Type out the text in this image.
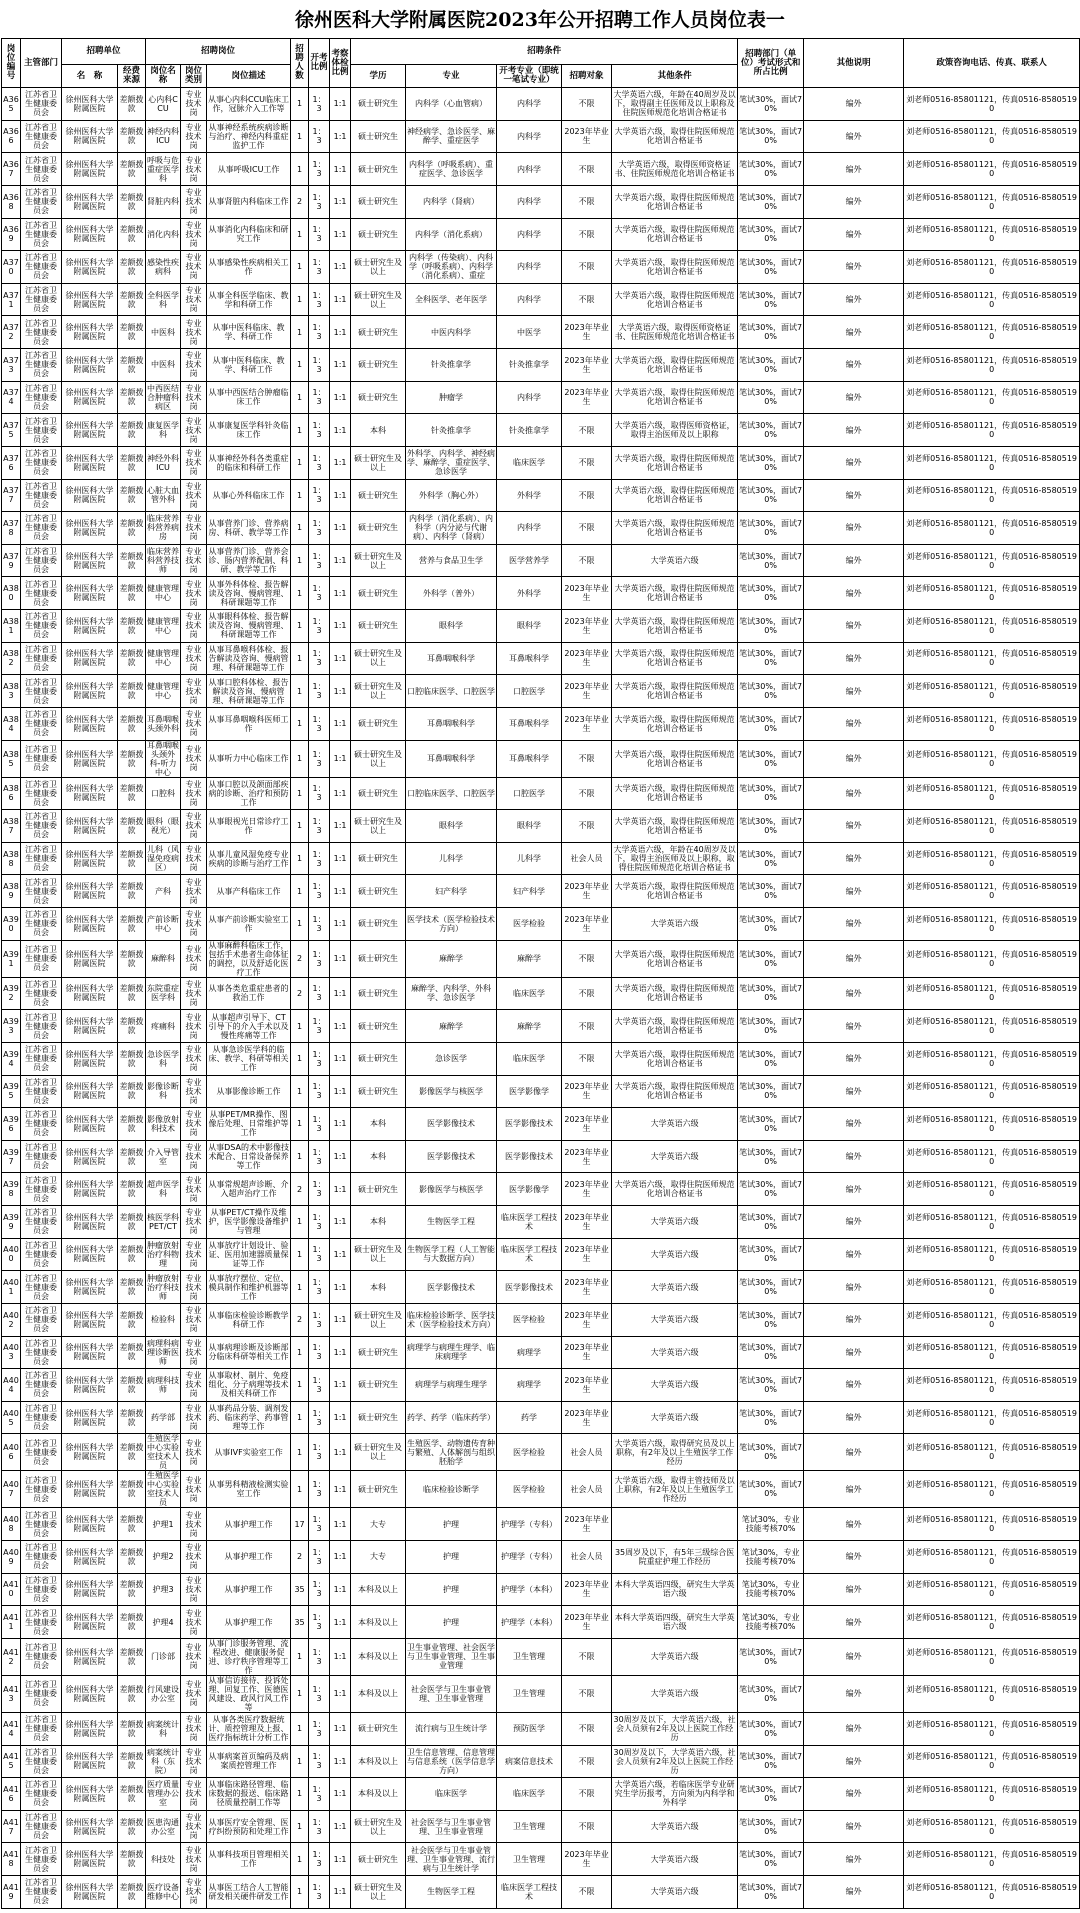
徐州医科大学附属医院2023年公开招聘工作人员岗位表一
岗位编号	主管部门	招聘单位		招聘岗位			招聘人数	开考比例	考察体检比例	招聘条件					招聘部门（单位）考试形式和所占比例	其他说明	政策咨询电话、传真、联系人
		名　称	经费来源	岗位名称	岗位类别	岗位描述				学历	专业	开考专业（即统一笔试专业）	招聘对象	其他条件			

A365	江苏省卫生健康委员会	徐州医科大学附属医院	差额拨款	心内科CCU	专业技术岗	从事心内科CCU临床工作，冠脉介入工作等	1	1：3	1:1	硕士研究生	内科学（心血管病）	内科学	不限	大学英语六级，年龄在40周岁及以下，取得副主任医师及以上职称及住院医师规范化培训合格证书	笔试30%，面试70%	编外	刘老师0516-85801121，传真0516-85805190
A366	江苏省卫生健康委员会	徐州医科大学附属医院	差额拨款	神经内科ICU	专业技术岗	从事神经系统疾病诊断与治疗、神经内科重症监护工作	1	1：3	1:1	硕士研究生	神经病学、急诊医学、麻醉学、重症医学	内科学	2023年毕业生	大学英语六级，取得住院医师规范化培训合格证书	笔试30%，面试70%	编外	刘老师0516-85801121，传真0516-85805190
A367	江苏省卫生健康委员会	徐州医科大学附属医院	差额拨款	呼吸与危重症医学科	专业技术岗	从事呼吸ICU工作	1	1：3	1:1	硕士研究生	内科学（呼吸系病）、重症医学、急诊医学	内科学	不限	大学英语六级，取得医师资格证书、住院医师规范化培训合格证书	笔试30%，面试70%	编外	刘老师0516-85801121，传真0516-85805190
A368	江苏省卫生健康委员会	徐州医科大学附属医院	差额拨款	肾脏内科	专业技术岗	从事肾脏内科临床工作	2	1：3	1:1	硕士研究生	内科学（肾病）	内科学	不限	大学英语六级，取得住院医师规范化培训合格证书	笔试30%，面试70%	编外	刘老师0516-85801121，传真0516-85805190
A369	江苏省卫生健康委员会	徐州医科大学附属医院	差额拨款	消化内科	专业技术岗	从事消化内科临床和研究工作	1	1：3	1:1	硕士研究生	内科学（消化系病）	内科学	不限	大学英语六级，取得住院医师规范化培训合格证书	笔试30%，面试70%	编外	刘老师0516-85801121，传真0516-85805190
A370	江苏省卫生健康委员会	徐州医科大学附属医院	差额拨款	感染性疾病科	专业技术岗	从事感染性疾病相关工作	1	1：3	1:1	硕士研究生及以上	内科学（传染病）、内科学（呼吸系病）、内科学（消化系病）、重症	内科学	不限	大学英语六级，取得住院医师规范化培训合格证书	笔试30%，面试70%	编外	刘老师0516-85801121，传真0516-85805190
A371	江苏省卫生健康委员会	徐州医科大学附属医院	差额拨款	全科医学科	专业技术岗	从事全科医学临床、教学和科研工作	1	1：3	1:1	硕士研究生及以上	全科医学、老年医学	内科学	不限	大学英语六级，取得住院医师规范化培训合格证书	笔试30%，面试70%	编外	刘老师0516-85801121，传真0516-85805190
A372	江苏省卫生健康委员会	徐州医科大学附属医院	差额拨款	中医科	专业技术岗	从事中医科临床、教学、科研工作	1	1：3	1:1	硕士研究生	中医内科学	中医学	2023年毕业生	大学英语六级，取得医师资格证书、住院医师规范化培训合格证书	笔试30%，面试70%	编外	刘老师0516-85801121，传真0516-85805190
A373	江苏省卫生健康委员会	徐州医科大学附属医院	差额拨款	中医科	专业技术岗	从事中医科临床、教学、科研工作	1	1：3	1:1	硕士研究生	针灸推拿学	针灸推拿学	2023年毕业生	大学英语六级，取得住院医师规范化培训合格证书	笔试30%，面试70%	编外	刘老师0516-85801121，传真0516-85805190
A374	江苏省卫生健康委员会	徐州医科大学附属医院	差额拨款	中西医结合肿瘤科病区	专业技术岗	从事中西医结合肿瘤临床工作	1	1：3	1:1	硕士研究生	肿瘤学	内科学	2023年毕业生	大学英语六级，取得住院医师规范化培训合格证书	笔试30%，面试70%	编外	刘老师0516-85801121，传真0516-85805190
A375	江苏省卫生健康委员会	徐州医科大学附属医院	差额拨款	康复医学科	专业技术岗	从事康复医学科针灸临床工作	1	1：3	1:1	本科	针灸推拿学	针灸推拿学	不限	大学英语六级，取得医师资格证，取得主治医师及以上职称	笔试30%，面试70%	编外	刘老师0516-85801121，传真0516-85805190
A376	江苏省卫生健康委员会	徐州医科大学附属医院	差额拨款	神经外科ICU	专业技术岗	从事神经外科各类重症的临床和科研工作	1	1：3	1:1	硕士研究生及以上	外科学、内科学、神经病学、麻醉学、重症医学、急诊医学	临床医学	不限	大学英语六级，取得住院医师规范化培训合格证书	笔试30%，面试70%	编外	刘老师0516-85801121，传真0516-85805190
A377	江苏省卫生健康委员会	徐州医科大学附属医院	差额拨款	心脏大血管外科	专业技术岗	从事心外科临床工作	1	1：3	1:1	硕士研究生	外科学（胸心外）	外科学	不限	大学英语六级，取得住院医师规范化培训合格证书	笔试30%，面试70%	编外	刘老师0516-85801121，传真0516-85805190
A378	江苏省卫生健康委员会	徐州医科大学附属医院	差额拨款	临床营养科营养病房	专业技术岗	从事营养门诊、营养病房、科研、教学等工作	1	1：3	1:1	硕士研究生	内科学（消化系病）、内科学（内分泌与代谢病）、内科学（肾病）	内科学	不限	大学英语六级，取得住院医师规范化培训合格证书	笔试30%，面试70%	编外	刘老师0516-85801121，传真0516-85805190
A379	江苏省卫生健康委员会	徐州医科大学附属医院	差额拨款	临床营养科营养技师	专业技术岗	从事营养门诊、营养会诊、肠内营养配制、科研、教学等工作	1	1：3	1:1	硕士研究生及以上	营养与食品卫生学	医学营养学	不限	大学英语六级	笔试30%，面试70%	编外	刘老师0516-85801121，传真0516-85805190
A380	江苏省卫生健康委员会	徐州医科大学附属医院	差额拨款	健康管理中心	专业技术岗	从事外科体检、报告解读及咨询、慢病管理、科研课题等工作	1	1：3	1:1	硕士研究生	外科学（普外）	外科学	2023年毕业生	大学英语六级，取得住院医师规范化培训合格证书	笔试30%，面试70%	编外	刘老师0516-85801121，传真0516-85805190
A381	江苏省卫生健康委员会	徐州医科大学附属医院	差额拨款	健康管理中心	专业技术岗	从事眼科体检、报告解读及咨询、慢病管理、科研课题等工作	1	1：3	1:1	硕士研究生	眼科学	眼科学	2023年毕业生	大学英语六级，取得住院医师规范化培训合格证书	笔试30%，面试70%	编外	刘老师0516-85801121，传真0516-85805190
A382	江苏省卫生健康委员会	徐州医科大学附属医院	差额拨款	健康管理中心	专业技术岗	从事耳鼻喉科体检、报告解读及咨询、慢病管理、科研课题等工作	1	1：3	1:1	硕士研究生及以上	耳鼻咽喉科学	耳鼻喉科学	2023年毕业生	大学英语六级，取得住院医师规范化培训合格证书	笔试30%，面试70%	编外	刘老师0516-85801121，传真0516-85805190
A383	江苏省卫生健康委员会	徐州医科大学附属医院	差额拨款	健康管理中心	专业技术岗	从事口腔科体检、报告解读及咨询、慢病管理、科研课题等工作	1	1：3	1:1	硕士研究生及以上	口腔临床医学、口腔医学	口腔医学	2023年毕业生	大学英语六级，取得住院医师规范化培训合格证书	笔试30%，面试70%	编外	刘老师0516-85801121，传真0516-85805190
A384	江苏省卫生健康委员会	徐州医科大学附属医院	差额拨款	耳鼻咽喉头颈外科	专业技术岗	从事耳鼻咽喉科医师工作	1	1：3	1:1	硕士研究生	耳鼻咽喉科学	耳鼻喉科学	2023年毕业生	大学英语六级，取得住院医师规范化培训合格证书	笔试30%，面试70%	编外	刘老师0516-85801121，传真0516-85805190
A385	江苏省卫生健康委员会	徐州医科大学附属医院	差额拨款	耳鼻咽喉头颈外科-听力中心	专业技术岗	从事听力中心临床工作	1	1：3	1:1	硕士研究生及以上	耳鼻咽喉科学	耳鼻喉科学	不限	大学英语六级，取得住院医师规范化培训合格证书	笔试30%，面试70%	编外	刘老师0516-85801121，传真0516-85805190
A386	江苏省卫生健康委员会	徐州医科大学附属医院	差额拨款	口腔科	专业技术岗	从事口腔以及颌面部疾病的诊断、治疗和预防工作	1	1：3	1:1	硕士研究生	口腔临床医学、口腔医学	口腔医学	不限	大学英语六级，取得住院医师规范化培训合格证书	笔试30%，面试70%	编外	刘老师0516-85801121，传真0516-85805190
A387	江苏省卫生健康委员会	徐州医科大学附属医院	差额拨款	眼科（眼视光）	专业技术岗	从事眼视光日常诊疗工作	1	1：3	1:1	硕士研究生及以上	眼科学	眼科学	不限	大学英语六级，取得住院医师规范化培训合格证书	笔试30%，面试70%	编外	刘老师0516-85801121，传真0516-85805190
A388	江苏省卫生健康委员会	徐州医科大学附属医院	差额拨款	儿科（风湿免疫病区）	专业技术岗	从事儿童风湿免疫专业疾病的诊断与治疗工作	1	1：3	1:1	硕士研究生	儿科学	儿科学	社会人员	大学英语六级，年龄在40周岁及以下，取得主治医师及以上职称，取得住院医师规范化培训合格证书	笔试30%，面试70%	编外	刘老师0516-85801121，传真0516-85805190
A389	江苏省卫生健康委员会	徐州医科大学附属医院	差额拨款	产科	专业技术岗	从事产科临床工作	1	1：3	1:1	硕士研究生	妇产科学	妇产科学	2023年毕业生	大学英语六级，取得住院医师规范化培训合格证书	笔试30%，面试70%	编外	刘老师0516-85801121，传真0516-85805190
A390	江苏省卫生健康委员会	徐州医科大学附属医院	差额拨款	产前诊断中心	专业技术岗	从事产前诊断实验室工作	1	1：3	1:1	硕士研究生	医学技术（医学检验技术方向）	医学检验	2023年毕业生	大学英语六级	笔试30%，面试70%	编外	刘老师0516-85801121，传真0516-85805190
A391	江苏省卫生健康委员会	徐州医科大学附属医院	差额拨款	麻醉科	专业技术岗	从事麻醉科临床工作，包括手术患者生命体征的调控，以及舒适化医疗工作	2	1：3	1:1	硕士研究生	麻醉学	麻醉学	不限	大学英语六级，取得住院医师规范化培训合格证书	笔试30%，面试70%	编外	刘老师0516-85801121，传真0516-85805190
A392	江苏省卫生健康委员会	徐州医科大学附属医院	差额拨款	东院重症医学科	专业技术岗	从事各类危重症患者的救治工作	2	1：3	1:1	硕士研究生	麻醉学、内科学、外科学、急诊医学	临床医学	不限	大学英语六级，取得住院医师规范化培训合格证书	笔试30%，面试70%	编外	刘老师0516-85801121，传真0516-85805190
A393	江苏省卫生健康委员会	徐州医科大学附属医院	差额拨款	疼痛科	专业技术岗	从事超声引导下、CT引导下的介入手术以及慢性疼痛等工作	1	1：3	1:1	硕士研究生	麻醉学	麻醉学	不限	大学英语六级，取得住院医师规范化培训合格证书	笔试30%，面试70%	编外	刘老师0516-85801121，传真0516-85805190
A394	江苏省卫生健康委员会	徐州医科大学附属医院	差额拨款	急诊医学科	专业技术岗	从事急诊医学科的临床、教学、科研等相关工作	1	1：3	1:1	硕士研究生	急诊医学	临床医学	不限	大学英语六级，取得住院医师规范化培训合格证书	笔试30%，面试70%	编外	刘老师0516-85801121，传真0516-85805190
A395	江苏省卫生健康委员会	徐州医科大学附属医院	差额拨款	影像诊断科	专业技术岗	从事影像诊断工作	1	1：3	1:1	硕士研究生	影像医学与核医学	医学影像学	2023年毕业生	大学英语六级，取得住院医师规范化培训合格证书	笔试30%，面试70%	编外	刘老师0516-85801121，传真0516-85805190
A396	江苏省卫生健康委员会	徐州医科大学附属医院	差额拨款	影像放射科技术	专业技术岗	从事PET/MR操作、图像后处理、日常维护等工作	1	1：3	1:1	本科	医学影像技术	医学影像技术	2023年毕业生	大学英语六级	笔试30%，面试70%	编外	刘老师0516-85801121，传真0516-85805190
A397	江苏省卫生健康委员会	徐州医科大学附属医院	差额拨款	介入导管室	专业技术岗	从事DSA的术中影像技术配合、日常设备保养等工作	1	1：3	1:1	本科	医学影像技术	医学影像技术	2023年毕业生	大学英语六级	笔试30%，面试70%	编外	刘老师0516-85801121，传真0516-85805190
A398	江苏省卫生健康委员会	徐州医科大学附属医院	差额拨款	超声医学科	专业技术岗	从事常规超声诊断、介入超声治疗工作	2	1：3	1:1	硕士研究生	影像医学与核医学	医学影像学	2023年毕业生	大学英语六级，取得住院医师规范化培训合格证书	笔试30%，面试70%	编外	刘老师0516-85801121，传真0516-85805190
A399	江苏省卫生健康委员会	徐州医科大学附属医院	差额拨款	核医学科PET/CT	专业技术岗	从事PET/CT操作及维护，医学影像设备维护与管理	1	1：3	1:1	本科	生物医学工程	临床医学工程技术	2023年毕业生	大学英语六级	笔试30%，面试70%	编外	刘老师0516-85801121，传真0516-85805190
A400	江苏省卫生健康委员会	徐州医科大学附属医院	差额拨款	肿瘤放射治疗科物理	专业技术岗	从事放疗计划设计、验证、医用加速器质量保证等工作	1	1：3	1:1	硕士研究生及以上	生物医学工程（人工智能与大数据方向）	临床医学工程技术	2023年毕业生	大学英语六级	笔试30%，面试70%	编外	刘老师0516-85801121，传真0516-85805190
A401	江苏省卫生健康委员会	徐州医科大学附属医院	差额拨款	肿瘤放射治疗科技师	专业技术岗	从事放疗摆位、定位、模具制作和维护机器等工作	1	1：3	1:1	本科	医学影像技术	医学影像技术	2023年毕业生	大学英语六级	笔试30%，面试70%	编外	刘老师0516-85801121，传真0516-85805190
A402	江苏省卫生健康委员会	徐州医科大学附属医院	差额拨款	检验科	专业技术岗	从事临床检验诊断教学科研工作	2	1：3	1:1	硕士研究生及以上	临床检验诊断学、医学技术（医学检验技术方向）	医学检验	2023年毕业生	大学英语六级	笔试30%，面试70%	编外	刘老师0516-85801121，传真0516-85805190
A403	江苏省卫生健康委员会	徐州医科大学附属医院	差额拨款	病理科病理诊断医师	专业技术岗	从事病理诊断及诊断部分临床科研等相关工作	1	1：3	1:1	硕士研究生	病理学与病理生理学、临床病理学	病理学	2023年毕业生	大学英语六级	笔试30%，面试70%	编外	刘老师0516-85801121，传真0516-85805190
A404	江苏省卫生健康委员会	徐州医科大学附属医院	差额拨款	病理科技师	专业技术岗	从事取材、制片、免疫组化、分子病理等技术及相关科研工作	1	1：3	1:1	硕士研究生	病理学与病理生理学	病理学	2023年毕业生	大学英语六级	笔试30%，面试70%	编外	刘老师0516-85801121，传真0516-85805190
A405	江苏省卫生健康委员会	徐州医科大学附属医院	差额拨款	药学部	专业技术岗	从事药品分装、调剂发药、临床药学、药事管理等工作	1	1：3	1:1	硕士研究生	药学、药学（临床药学）	药学	2023年毕业生	大学英语六级	笔试30%，面试70%	编外	刘老师0516-85801121，传真0516-85805190
A406	江苏省卫生健康委员会	徐州医科大学附属医院	差额拨款	生殖医学中心实验室技术人员	专业技术岗	从事IVF实验室工作	1	1：3	1:1	硕士研究生及以上	生殖医学、动物遗传育种与繁殖、人体解剖与组织胚胎学	医学检验	社会人员	大学英语六级，取得研究员及以上职称，有2年及以上生殖医学工作经历	笔试30%，面试70%	编外	刘老师0516-85801121，传真0516-85805190
A407	江苏省卫生健康委员会	徐州医科大学附属医院	差额拨款	生殖医学中心实验室技术人员	专业技术岗	从事男科精液检测实验室工作	1	1：3	1:1	硕士研究生	临床检验诊断学	医学检验	社会人员	大学英语六级，取得主管技师及以上职称，有2年及以上生殖医学工作经历	笔试30%，面试70%	编外	刘老师0516-85801121，传真0516-85805190
A408	江苏省卫生健康委员会	徐州医科大学附属医院	差额拨款	护理1	专业技术岗	从事护理工作	17	1：3	1:1	大专	护理	护理学（专科）	2023年毕业生		笔试30%，专业技能考核70%	编外	刘老师0516-85801121，传真0516-85805190
A409	江苏省卫生健康委员会	徐州医科大学附属医院	差额拨款	护理2	专业技术岗	从事护理工作	2	1：3	1:1	大专	护理	护理学（专科）	社会人员	35周岁及以下，有5年三级综合医院重症护理工作经历	笔试30%，专业技能考核70%	编外	刘老师0516-85801121，传真0516-85805190
A410	江苏省卫生健康委员会	徐州医科大学附属医院	差额拨款	护理3	专业技术岗	从事护理工作	35	1：3	1:1	本科及以上	护理	护理学（本科）	2023年毕业生	本科大学英语四级，研究生大学英语六级	笔试30%，专业技能考核70%	编外	刘老师0516-85801121，传真0516-85805190
A411	江苏省卫生健康委员会	徐州医科大学附属医院	差额拨款	护理4	专业技术岗	从事护理工作	35	1：3	1:1	本科及以上	护理	护理学（本科）	2023年毕业生	本科大学英语四级，研究生大学英语六级	笔试30%，专业技能考核70%	编外	刘老师0516-85801121，传真0516-85805190
A412	江苏省卫生健康委员会	徐州医科大学附属医院	差额拨款	门诊部	专业技术岗	从事门诊服务管理、流程改进、健康服务促进、诊疗秩序管理等工作	1	1：3	1:1	本科及以上	卫生事业管理、社会医学与卫生事业管理、卫生事业管理	卫生管理	不限	大学英语六级	笔试30%，面试70%	编外	刘老师0516-85801121，传真0516-85805190
A413	江苏省卫生健康委员会	徐州医科大学附属医院	差额拨款	行风建设办公室	专业技术岗	从事信访接待、投诉处理、回复工作、医德医风建设、政风行风工作等	1	1：3	1:1	本科及以上	社会医学与卫生事业管理、卫生事业管理	卫生管理	不限	大学英语六级	笔试30%，面试70%	编外	刘老师0516-85801121，传真0516-85805190
A414	江苏省卫生健康委员会	徐州医科大学附属医院	差额拨款	病案统计科	专业技术岗	从事各类医疗数据统计、质控管理及上报、医疗指标统计分析工作	1	1：3	1:1	硕士研究生	流行病与卫生统计学	预防医学	不限	30周岁及以下，大学英语六级，社会人员须有2年及以上医院工作经历	笔试30%，面试70%	编外	刘老师0516-85801121，传真0516-85805190
A415	江苏省卫生健康委员会	徐州医科大学附属医院	差额拨款	病案统计科（东院）	专业技术岗	从事病案首页编码及病案质控管理工作	1	1：3	1:1	本科及以上	卫生信息管理、信息管理与信息系统（医学信息学方向）	病案信息技术	不限	30周岁及以下，大学英语六级，社会人员须有2年及以上医院工作经历	笔试30%，面试70%	编外	刘老师0516-85801121，传真0516-85805190
A416	江苏省卫生健康委员会	徐州医科大学附属医院	差额拨款	医疗质量管理办公室	专业技术岗	从事临床路径管理、临床数据的报送、临床路径质量控制工作等	1	1：3	1:1	本科及以上	临床医学	临床医学	不限	大学英语六级，若临床医学专业研究生学历报考，方向须为内科学和外科学	笔试30%，面试70%	编外	刘老师0516-85801121，传真0516-85805190
A417	江苏省卫生健康委员会	徐州医科大学附属医院	差额拨款	医患沟通办公室	专业技术岗	从事医疗安全管理、医疗纠纷预防和处理工作	1	1：3	1:1	硕士研究生及以上	社会医学与卫生事业管理、卫生事业管理	卫生管理	不限	大学英语六级	笔试30%，面试70%	编外	刘老师0516-85801121，传真0516-85805190
A418	江苏省卫生健康委员会	徐州医科大学附属医院	差额拨款	科技处	专业技术岗	从事科技项目管理相关工作	1	1：3	1:1	硕士研究生	社会医学与卫生事业管理、卫生事业管理、流行病与卫生统计学	卫生管理	2023年毕业生	大学英语六级	笔试30%，面试70%	编外	刘老师0516-85801121，传真0516-85805190
A419	江苏省卫生健康委员会	徐州医科大学附属医院	差额拨款	医疗设备维修中心	专业技术岗	从事医工结合人工智能研发相关硬件研发工作	1	1：3	1:1	硕士研究生及以上	生物医学工程	临床医学工程技术	不限	大学英语六级	笔试30%，面试70%	编外	刘老师0516-85801121，传真0516-85805190
